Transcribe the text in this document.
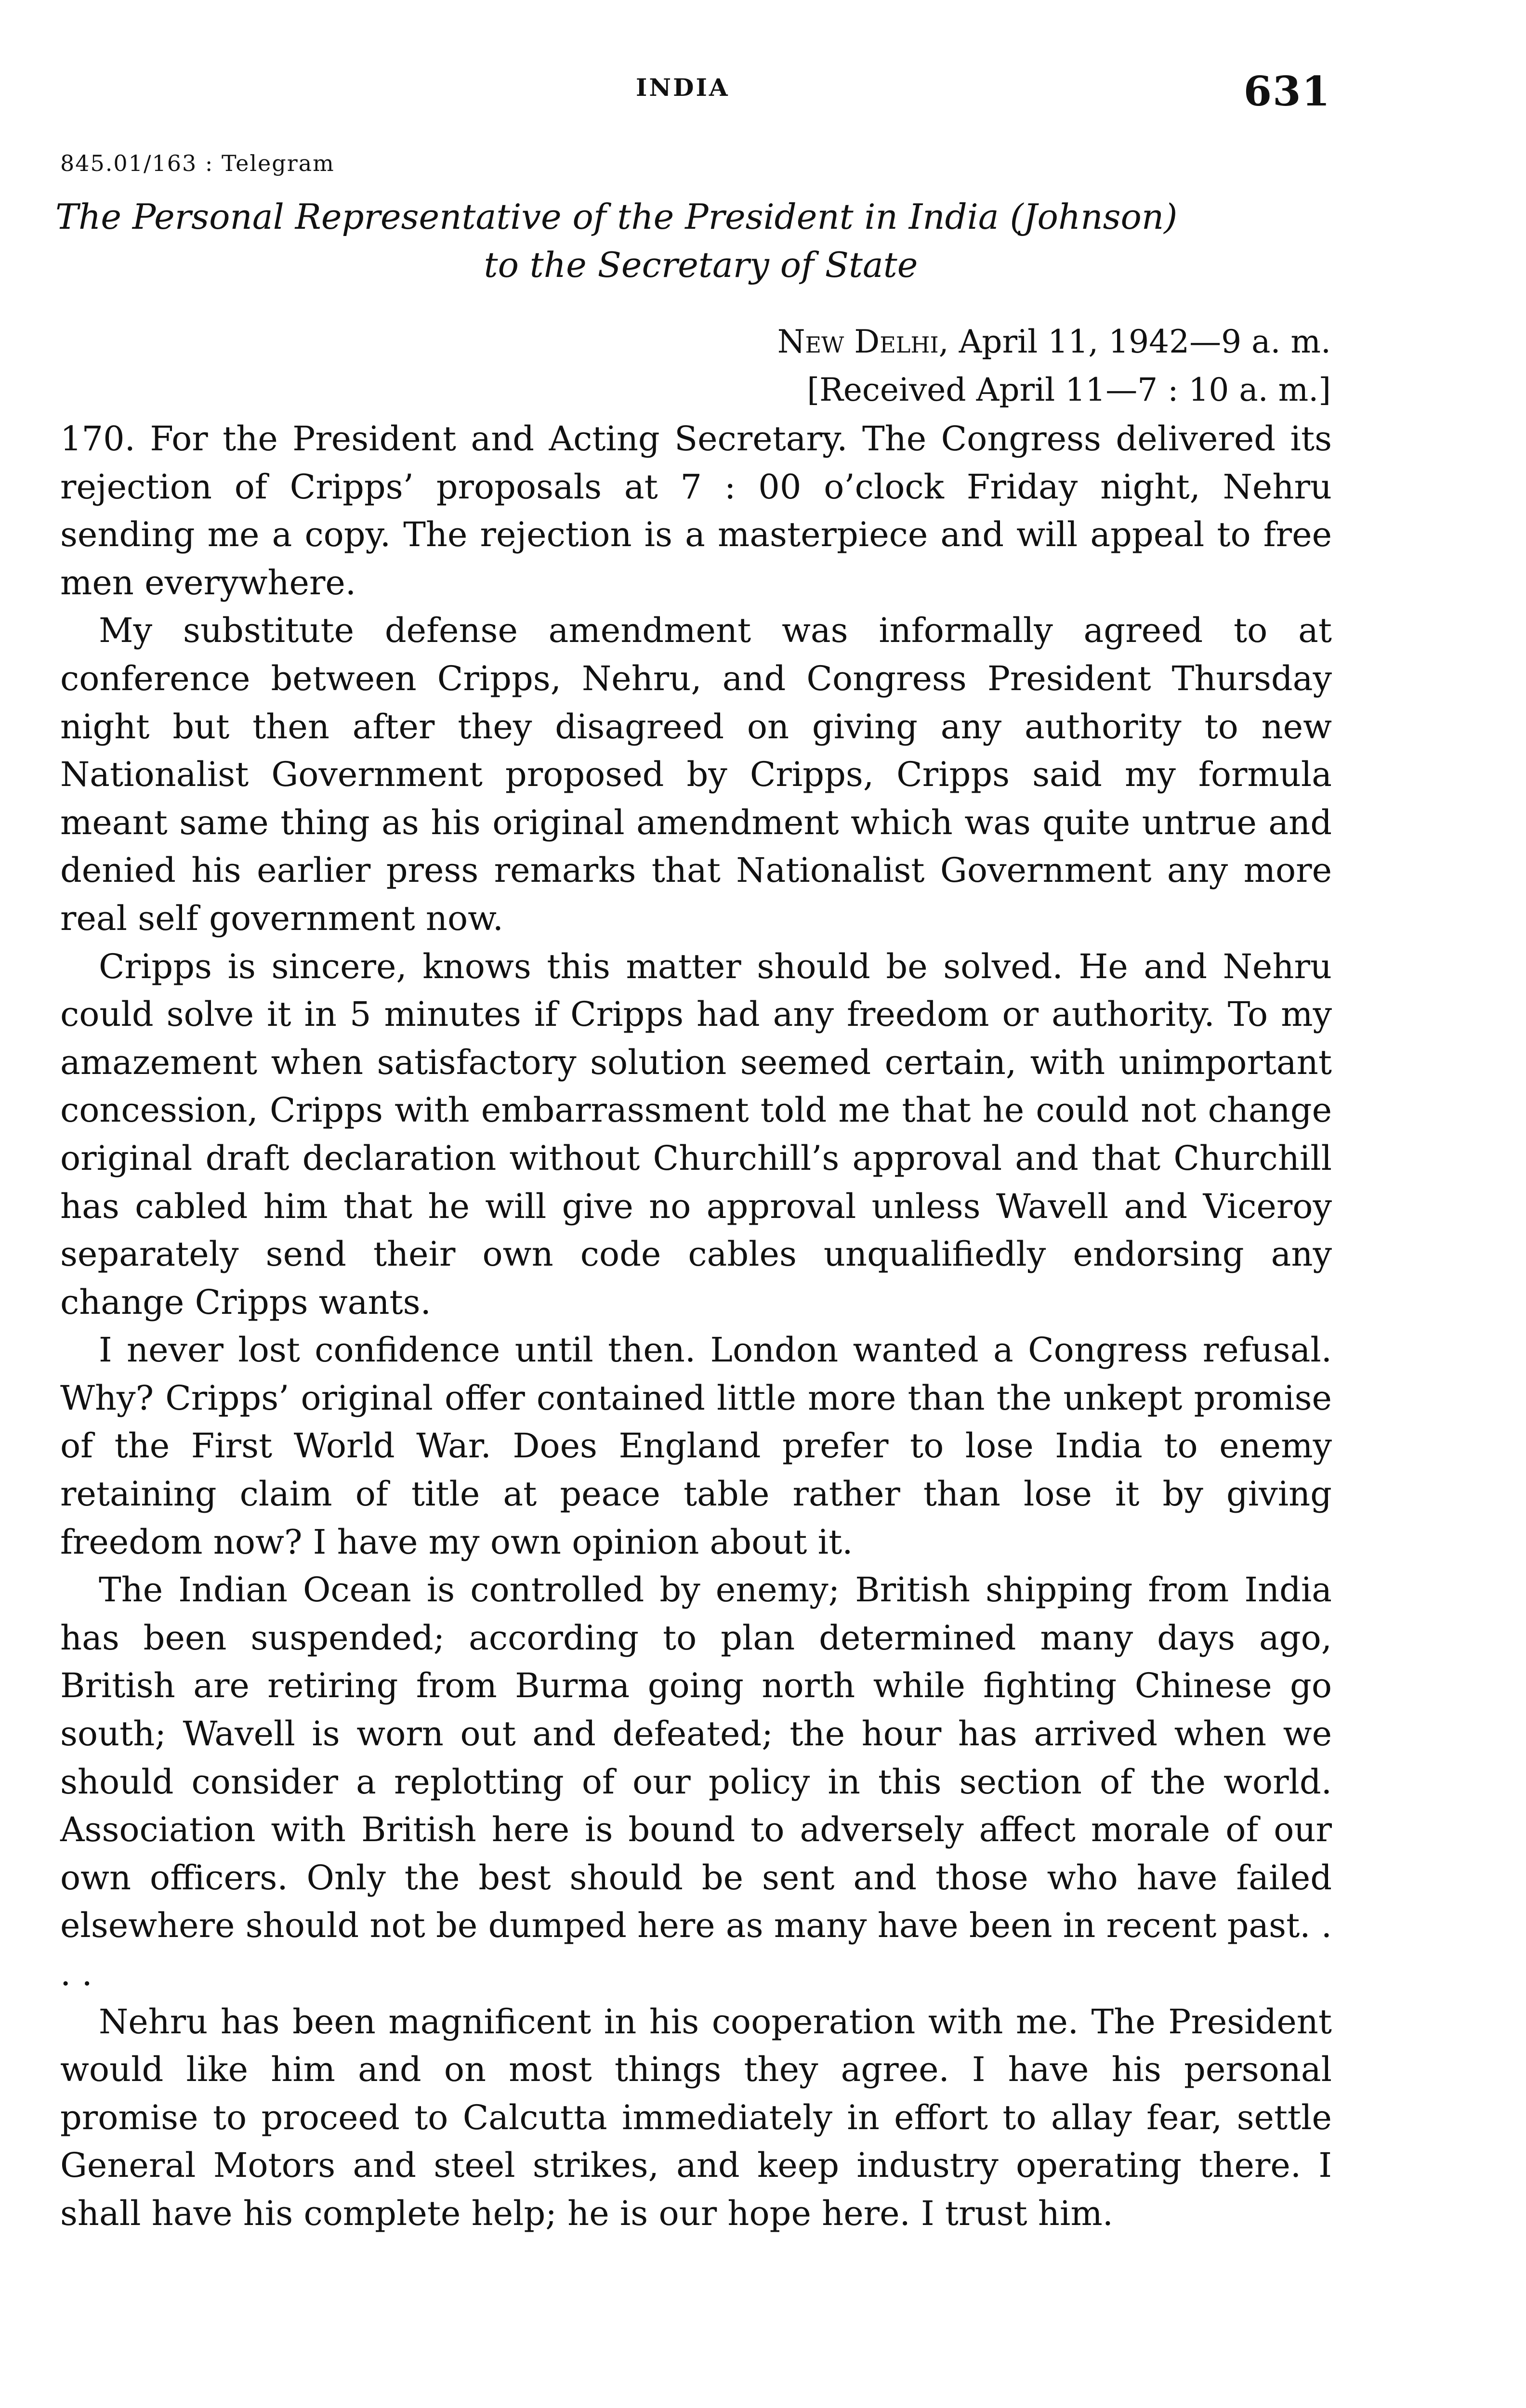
INDIA	631
845.01/163 : Telegram
The Personal Representative of the President in India (Johnson)
to the Secretary of State
New Delhi, April 11, 1942—9 a. m.
[Received April 11—7 : 10 a. m.]

170. For the President and Acting Secretary. The Congress delivered its rejection of Cripps’ proposals at 7 : 00 o’clock Friday night, Nehru sending me a copy. The rejection is a masterpiece and will appeal to free men everywhere.

My substitute defense amendment was informally agreed to at conference between Cripps, Nehru, and Congress President Thursday night but then after they disagreed on giving any authority to new Nationalist Government proposed by Cripps, Cripps said my formula meant same thing as his original amendment which was quite untrue and denied his earlier press remarks that Nationalist Government any more real self government now.

Cripps is sincere, knows this matter should be solved. He and Nehru could solve it in 5 minutes if Cripps had any freedom or authority. To my amazement when satisfactory solution seemed certain, with unimportant concession, Cripps with embarrassment told me that he could not change original draft declaration without Churchill’s approval and that Churchill has cabled him that he will give no approval unless Wavell and Viceroy separately send their own code cables unqualifiedly endorsing any change Cripps wants.

I never lost confidence until then. London wanted a Congress refusal. Why? Cripps’ original offer contained little more than the unkept promise of the First World War. Does England prefer to lose India to enemy retaining claim of title at peace table rather than lose it by giving freedom now? I have my own opinion about it.

The Indian Ocean is controlled by enemy; British shipping from India has been suspended; according to plan determined many days ago, British are retiring from Burma going north while fighting Chinese go south; Wavell is worn out and defeated; the hour has arrived when we should consider a replotting of our policy in this section of the world. Association with British here is bound to adversely affect morale of our own officers. Only the best should be sent and those who have failed elsewhere should not be dumped here as many have been in recent past. . . .

Nehru has been magnificent in his cooperation with me. The President would like him and on most things they agree. I have his personal promise to proceed to Calcutta immediately in effort to allay fear, settle General Motors and steel strikes, and keep industry operating there. I shall have his complete help; he is our hope here. I trust him.
